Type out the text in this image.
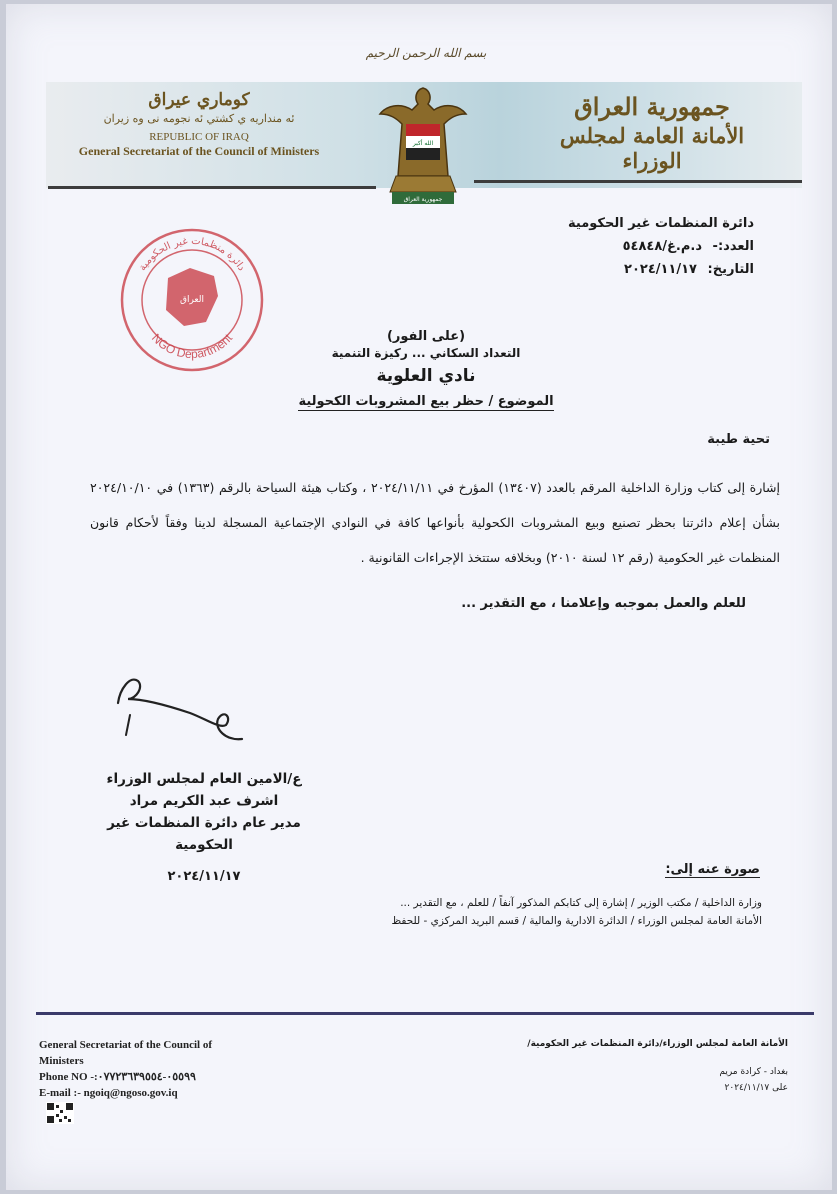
بسم الله الرحمن الرحيم
جمهورية العراق
الأمانة العامة لمجلس الوزراء
كوماري عيراق
ئه منداريه ي كشتي ئه نجومه نى وه زيران
REPUBLIC OF IRAQ
General Secretariat of the Council of Ministers
الله أكبر
جمهورية العراق
دائرة المنظمات غير الحكومية
العدد:- د.م.غ/٥٤٨٤٨
التاريخ: ٢٠٢٤/١١/١٧
دائرة منظمات غير الحكومية
NGO Department
العراق
(على الفور)
التعداد السكاني ... ركيزة التنمية
نادي العلوية
الموضوع / حظر بيع المشروبات الكحولية
تحية طيبة
إشارة إلى كتاب وزارة الداخلية المرقم بالعدد (١٣٤٠٧) المؤرخ في ٢٠٢٤/١١/١١ ، وكتاب هيئة السياحة بالرقم (١٣٦٣) في ٢٠٢٤/١٠/١٠ بشأن إعلام دائرتنا بحظر تصنيع وبيع المشروبات الكحولية بأنواعها كافة في النوادي الإجتماعية المسجلة لدينا وفقاً لأحكام قانون المنظمات غير الحكومية (رقم ١٢ لسنة ٢٠١٠) وبخلافه ستتخذ الإجراءات القانونية .
للعلم والعمل بموجبه وإعلامنا ، مع التقدير ...
ع/الامين العام لمجلس الوزراء
اشرف عبد الكريم مراد
مدير عام دائرة المنظمات غير الحكومية
٢٠٢٤/١١/١٧	صورة عنه إلى:
وزارة الداخلية / مكتب الوزير / إشارة إلى كتابكم المذكور آنفاً / للعلم ، مع التقدير ...
الأمانة العامة لمجلس الوزراء / الدائرة الادارية والمالية / قسم البريد المركزي - للحفظ
General Secretariat of the Council of
Ministers
Phone NO -:٠٥٥٩٩-٠٧٧٢٣٦٣٩٥٥٤
E-mail :- ngoiq@ngoso.gov.iq
الأمانة العامة لمجلس الوزراء/دائرة المنظمات غير الحكومية/
بغداد - كرادة مريم
على ٢٠٢٤/١١/١٧
